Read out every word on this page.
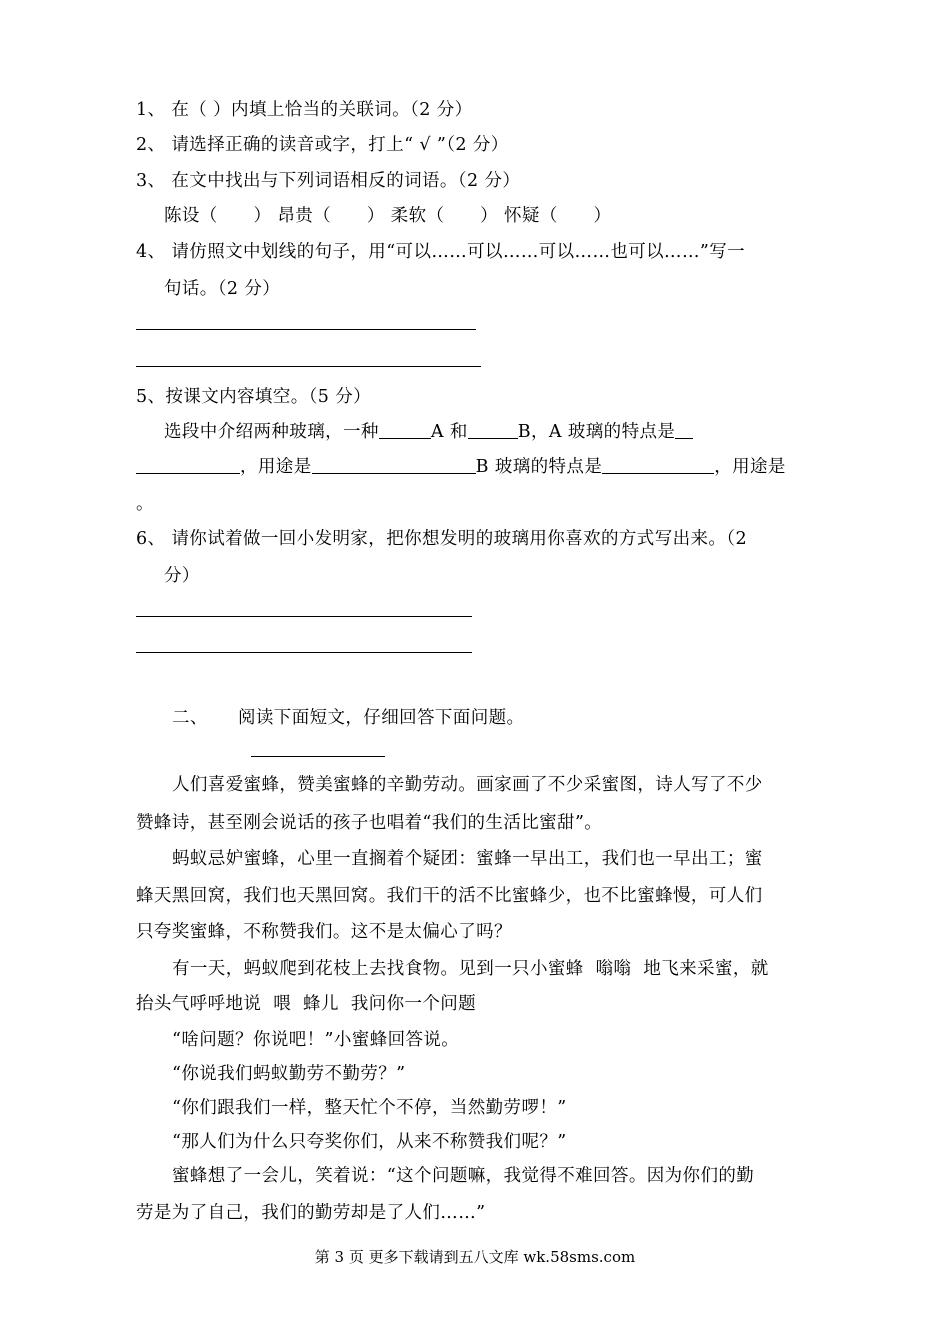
1、 在（ ）内填上恰当的关联词。（2 分）
2、 请选择正确的读音或字，打上“ √ ”（2 分）
3、 在文中找出与下列词语相反的词语。（2 分）
陈设（      ） 昂贵（      ） 柔软（      ） 怀疑（      ）
4、 请仿照文中划线的句子，用“可以……可以……可以……也可以……”写一
句话。（2 分）
5、按课文内容填空。（5 分）
选段中介绍两种玻璃，一种	A 和	B，A 玻璃的特点是
，用途是	B 玻璃的特点是	，用途是
。
6、 请你试着做一回小发明家，把你想发明的玻璃用你喜欢的方式写出来。（2
分）
二、 阅读下面短文，仔细回答下面问题。
人们喜爱蜜蜂，赞美蜜蜂的辛勤劳动。画家画了不少采蜜图，诗人写了不少
赞蜂诗，甚至刚会说话的孩子也唱着“我们的生活比蜜甜”。
蚂蚁忌妒蜜蜂，心里一直搁着个疑团：蜜蜂一早出工，我们也一早出工；蜜
蜂天黑回窝，我们也天黑回窝。我们干的活不比蜜蜂少，也不比蜜蜂慢，可人们
只夸奖蜜蜂，不称赞我们。这不是太偏心了吗？
有一天，蚂蚁爬到花枝上去找食物。见到一只小蜜蜂  嗡嗡  地飞来采蜜，就
抬头气呼呼地说  喂  蜂儿  我问你一个问题
“啥问题？你说吧！”小蜜蜂回答说。
“你说我们蚂蚁勤劳不勤劳？”
“你们跟我们一样，整天忙个不停，当然勤劳啰！”
“那人们为什么只夸奖你们，从来不称赞我们呢？”
蜜蜂想了一会儿，笑着说：“这个问题嘛，我觉得不难回答。因为你们的勤
劳是为了自己，我们的勤劳却是了人们……”
第 3 页 更多下载请到五八文库 wk.58sms.com
